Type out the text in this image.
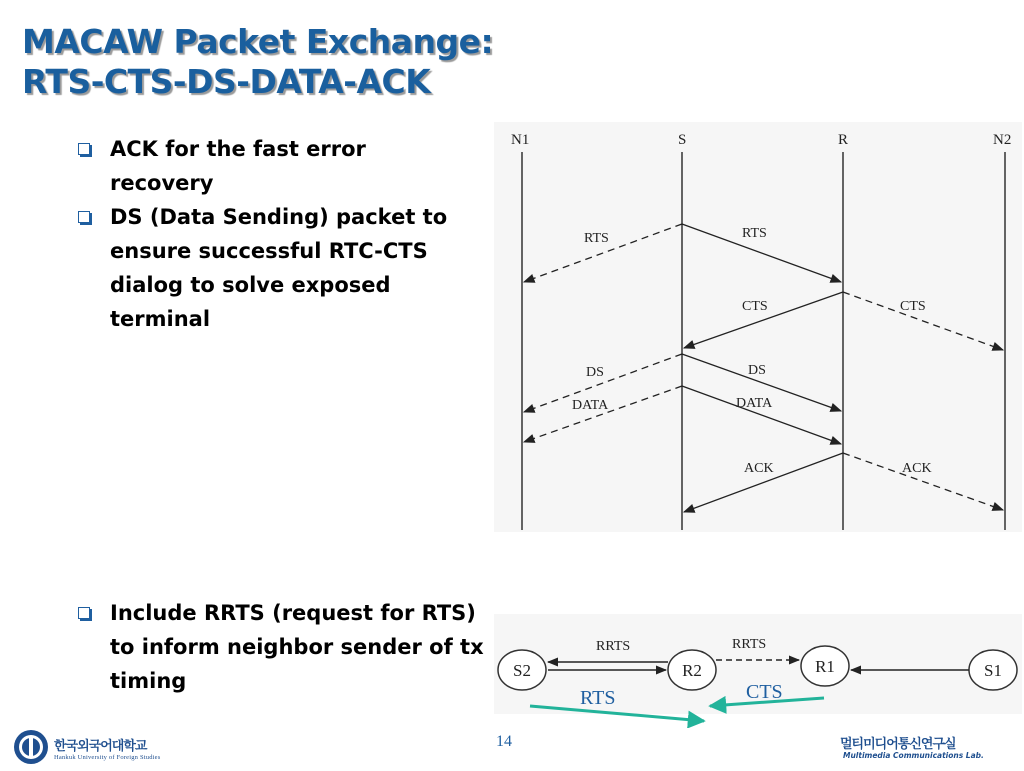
MACAW Packet Exchange:
RTS-CTS-DS-DATA-ACK
ACK for the fast error recovery
DS (Data Sending) packet to ensure successful RTC-CTS dialog to solve exposed terminal
Include RRTS (request for RTS) to inform neighbor sender of tx timing
N1	S	R	N2
RTS	RTS
CTS	CTS
DS	DS
DATA	DATA
ACK	ACK
S2	R2	R1	S1
RRTS	RRTS
RTS	CTS
한국외국어대학교
Hankuk University of Foreign Studies
14	멀티미디어통신연구실
Multimedia Communications Lab.
